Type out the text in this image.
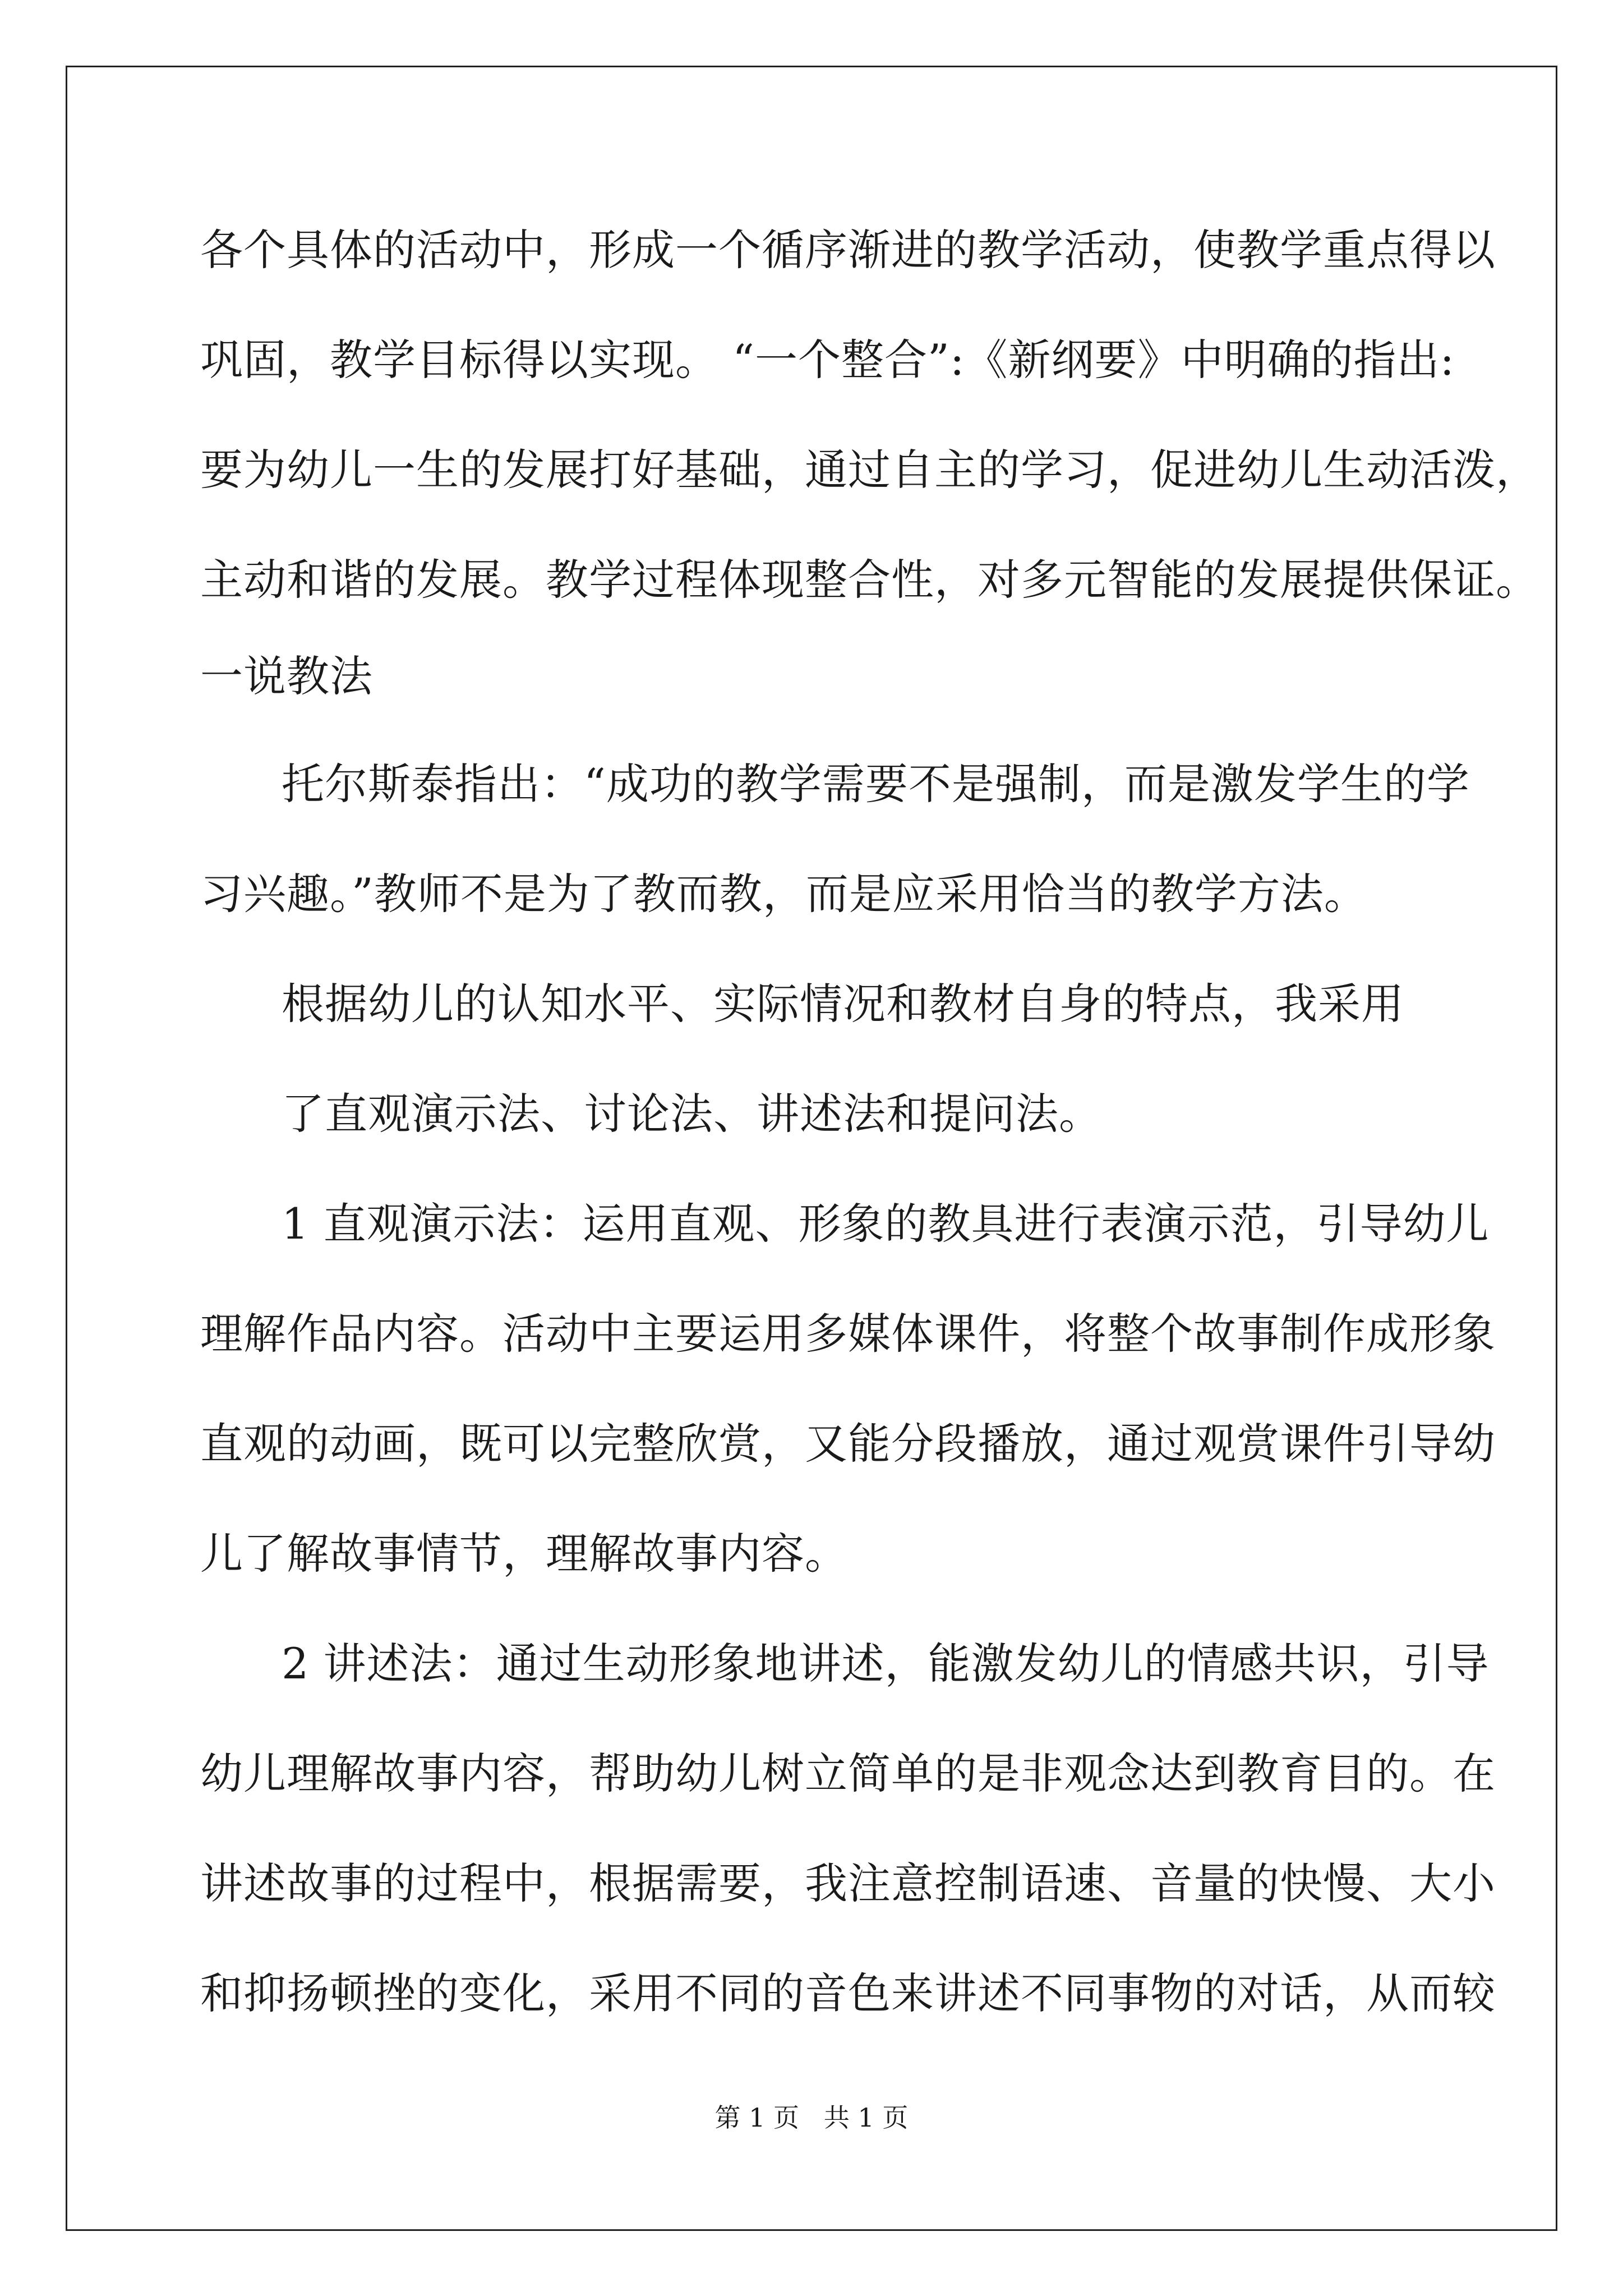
各个具体的活动中，形成一个循序渐进的教学活动，使教学重点得以

巩固，教学目标得以实现。 “一个整合”:《新纲要》中明确的指出:

要为幼儿一生的发展打好基础，通过自主的学习，促进幼儿生动活泼，

主动和谐的发展。教学过程体现整合性，对多元智能的发展提供保证。

一说教法

托尔斯泰指出：“成功的教学需要不是强制，而是激发学生的学

习兴趣。”教师不是为了教而教，而是应采用恰当的教学方法。

根据幼儿的认知水平、实际情况和教材自身的特点，我采用

了直观演示法、讨论法、讲述法和提问法。

1 直观演示法：运用直观、形象的教具进行表演示范，引导幼儿

理解作品内容。活动中主要运用多媒体课件，将整个故事制作成形象

直观的动画，既可以完整欣赏，又能分段播放，通过观赏课件引导幼

儿了解故事情节，理解故事内容。

2 讲述法：通过生动形象地讲述，能激发幼儿的情感共识，引导

幼儿理解故事内容，帮助幼儿树立简单的是非观念达到教育目的。在

讲述故事的过程中，根据需要，我注意控制语速、音量的快慢、大小

和抑扬顿挫的变化，采用不同的音色来讲述不同事物的对话，从而较

第 1 页   共 1 页
